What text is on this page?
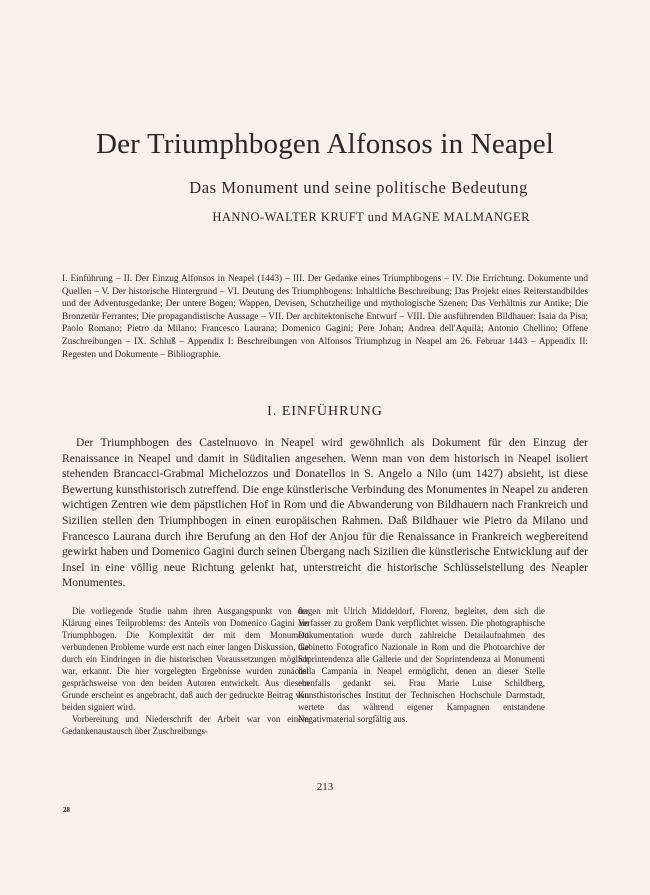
Der Triumphbogen Alfonsos in Neapel
Das Monument und seine politische Bedeutung
HANNO-WALTER KRUFT und MAGNE MALMANGER

I. Einführung – II. Der Einzug Alfonsos in Neapel (1443) – III. Der Gedanke eines Triumphbogens – IV. Die Errichtung. Dokumente und Quellen – V. Der historische Hintergrund – VI. Deutung des Triumphbogens: Inhaltliche Beschreibung; Das Projekt eines Reiterstandbildes und der Adventusgedanke; Der untere Bogen; Wappen, Devisen, Schutzheilige und mythologische Szenen; Das Verhältnis zur Antike; Die Bronzetür Ferrantes; Die propagandistische Aussage – VII. Der architektonische Entwurf – VIII. Die ausführenden Bildhauer: Isaia da Pisa; Paolo Romano; Pietro da Milano; Francesco Laurana; Domenico Gagini; Pere Johan; Andrea dell'Aquila; Antonio Chellino; Offene Zuschreibungen – IX. Schluß – Appendix I: Beschreibungen von Alfonsos Triumphzug in Neapel am 26. Februar 1443 – Appendix II: Regesten und Dokumente – Bibliographie.

I. EINFÜHRUNG

Der Triumphbogen des Castelnuovo in Neapel wird gewöhnlich als Dokument für den Einzug der Renaissance in Neapel und damit in Süditalien angesehen. Wenn man von dem historisch in Neapel isoliert stehenden Brancacci-Grabmal Michelozzos und Donatellos in S. Angelo a Nilo (um 1427) absieht, ist diese Bewertung kunsthistorisch zutreffend. Die enge künstlerische Verbindung des Monumentes in Neapel zu anderen wichtigen Zentren wie dem päpstlichen Hof in Rom und die Abwanderung von Bildhauern nach Frankreich und Sizilien stellen den Triumphbogen in einen europäischen Rahmen. Daß Bildhauer wie Pietro da Milano und Francesco Laurana durch ihre Berufung an den Hof der Anjou für die Renaissance in Frankreich wegbereitend gewirkt haben und Domenico Gagini durch seinen Übergang nach Sizilien die künstlerische Entwicklung auf der Insel in eine völlig neue Richtung gelenkt hat, unterstreicht die historische Schlüsselstellung des Neapler Monumentes.

Die vorliegende Studie nahm ihren Ausgangspunkt von der Klärung eines Teilproblems: des Anteils von Domenico Gagini am Triumphbogen. Die Komplexität der mit dem Monument verbundenen Probleme wurde erst nach einer langen Diskussion, die durch ein Eindringen in die historischen Voraussetzungen möglich war, erkannt. Die hier vorgelegten Ergebnisse wurden zunächst gesprächsweise von den beiden Autoren entwickelt. Aus diesem Grunde erscheint es angebracht, daß auch der gedruckte Beitrag von beiden signiert wird.

Vorbereitung und Niederschrift der Arbeit war von einem Gedankenaustausch über Zuschreibungs-

fragen mit Ulrich Middeldorf, Florenz, begleitet, dem sich die Verfasser zu großem Dank verpflichtet wissen. Die photographische Dokumentation wurde durch zahlreiche Detailaufnahmen des Gabinetto Fotografico Nazionale in Rom und die Photoarchive der Soprintendenza alle Gallerie und der Soprintendenza ai Monumenti della Campania in Neapel ermöglicht, denen an dieser Stelle ebenfalls gedankt sei. Frau Marie Luise Schildberg, Kunsthistorisches Institut der Technischen Hochschule Darmstadt, wertete das während eigener Kampagnen entstandene Negativmaterial sorgfältig aus.

213
28
